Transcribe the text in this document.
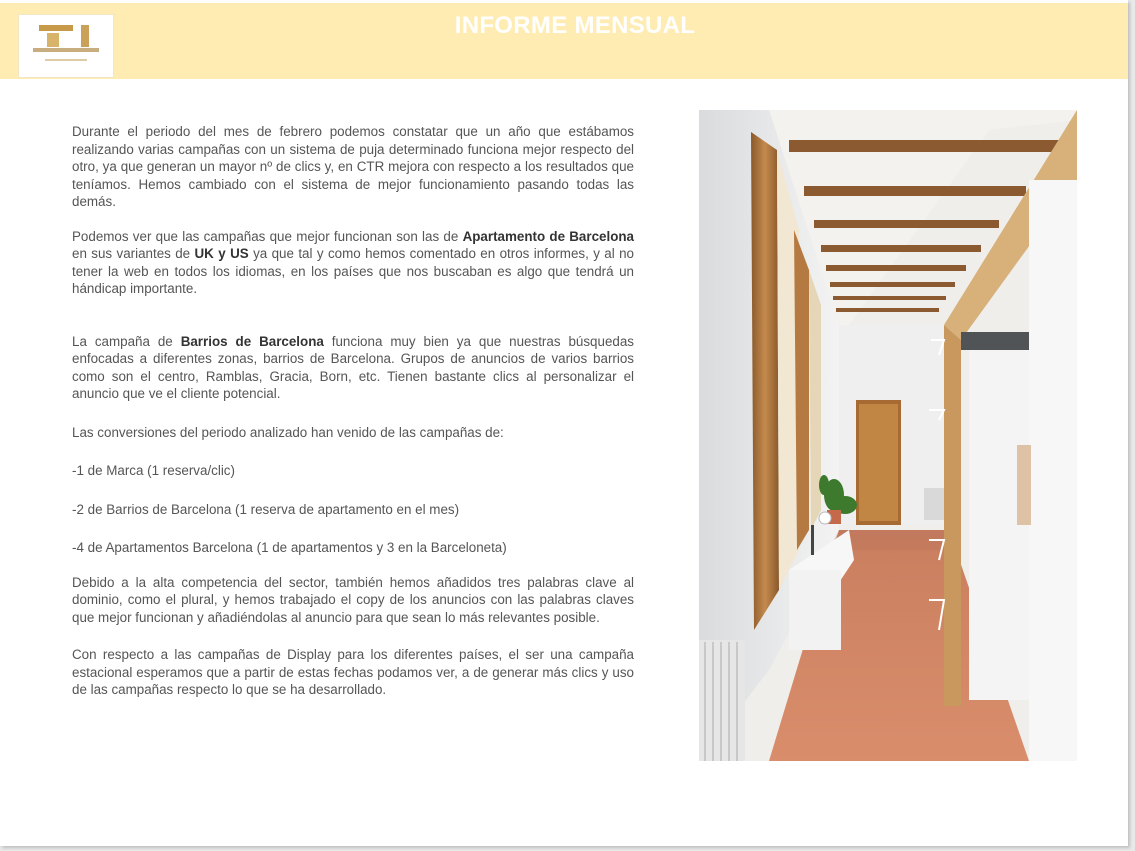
INFORME MENSUAL

Durante el periodo del mes de febrero podemos constatar que un año que estábamos realizando varias campañas con un sistema de puja determinado funciona mejor respecto del otro, ya que generan un mayor nº de clics y, en CTR mejora con respecto a los resultados que teníamos. Hemos cambiado con el sistema de mejor funcionamiento pasando todas las demás.

Podemos ver que las campañas que mejor funcionan son las de Apartamento de Barcelona en sus variantes de UK y US ya que tal y como hemos comentado en otros informes, y al no tener la web en todos los idiomas, en los países que nos buscaban es algo que tendrá un hándicap importante.

La campaña de Barrios de Barcelona funciona muy bien ya que nuestras búsquedas enfocadas a diferentes zonas, barrios de Barcelona. Grupos de anuncios de varios barrios como son el centro, Ramblas, Gracia, Born, etc. Tienen bastante clics al personalizar el anuncio que ve el cliente potencial.

Las conversiones del periodo analizado han venido de las campañas de:

-1 de Marca (1 reserva/clic)

-2 de Barrios de Barcelona (1 reserva de apartamento en el mes)

-4 de Apartamentos Barcelona (1 de apartamentos y 3 en la Barceloneta)

Debido a la alta competencia del sector, también hemos añadidos tres palabras clave al dominio, como el plural, y hemos trabajado el copy de los anuncios con las palabras claves que mejor funcionan y añadiéndolas al anuncio para que sean lo más relevantes posible.

Con respecto a las campañas de Display para los diferentes países, el ser una campaña estacional esperamos que a partir de estas fechas podamos ver, a de generar más clics y uso de las campañas respecto lo que se ha desarrollado.
